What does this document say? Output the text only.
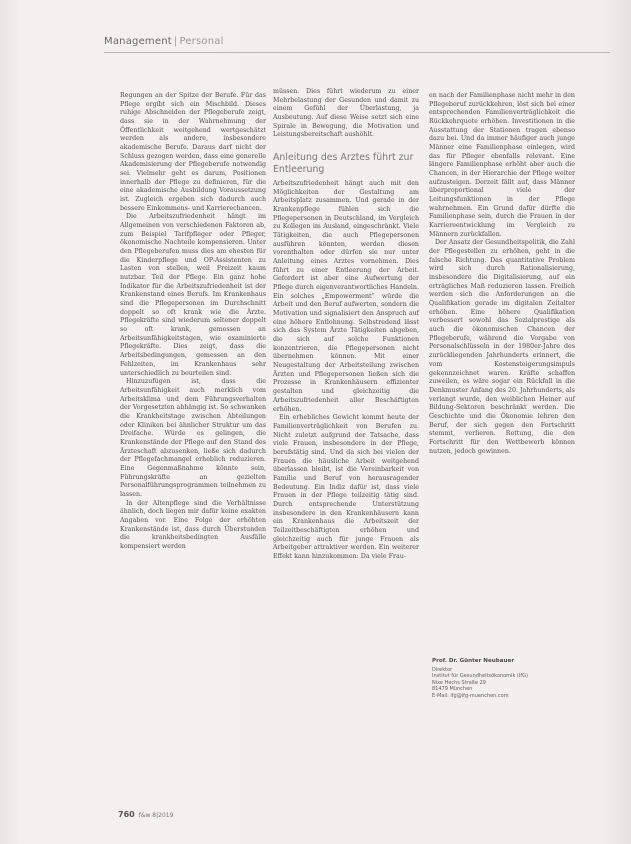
Management | Personal

Regungen an der Spitze der Berufe. Für das Pflege ergibt sich ein Mischbild. Dieses ruhige Abschneiden der Pflegeberufe zeigt, dass sie in der Wahrnehmung der Öffentlichkeit weitgehend wertgeschätzt werden als andere, insbesondere akademische Berufe. Daraus darf nicht der Schluss gezogen werden, dass eine generelle Akademisierung der Pflegeberufe notwendig sei. Vielmehr geht es darum, Positionen innerhalb der Pflege zu definieren, für die eine akademische Ausbildung Voraussetzung ist. Zugleich ergeben sich dadurch auch bessere Einkommens- und Karrierechancen.

Die Arbeitszufriedenheit hängt im Allgemeinen von verschiedenen Faktoren ab, zum Beispiel Tarifpfleger oder Pfleger, ökonomische Nachteile kompensieren. Unter den Pflegeberufen muss dies am ehesten für die Kinderpflege und OP-Assistenten zu Lasten von stellen, weil Freizeit kaum nutzbar. Teil der Pflege. Ein ganz hohe Indikator für die Arbeitszufriedenheit ist der Krankenstand eines Berufs. Im Krankenhaus sind die Pflegepersonen im Durchschnitt doppelt so oft krank wie die Ärzte. Pflegekräfte sind wiederum seltener doppelt so oft krank, gemessen an Arbeitsunfähigkeitstagen, wie examinierte Pflegekräfte. Dies zeigt, dass die Arbeitsbedingungen, gemessen an den Fehlzeiten, im Krankenhaus sehr unterschiedlich zu beurteilen sind.

Hinzuzufügen ist, dass die Arbeitsunfähigkeit auch merklich vom Arbeitsklima und dem Führungsverhalten der Vorgesetzten abhängig ist. So schwanken die Krankheitstage zwischen Abteilungen oder Kliniken bei ähnlicher Struktur um das Dreifache. Würde es gelingen, die Krankenstände der Pflege auf den Stand des Ärzteschaft abzusenken, ließe sich dadurch der Pflegefachmangel erheblich reduzieren. Eine Gegenmaßnahme könnte sein, Führungskräfte an gezielten Personalführungsprogrammen teilnehmen zu lassen.

In der Altenpflege sind die Verhältnisse ähnlich, doch liegen mir dafür keine exakten Angaben vor. Eine Folge der erhöhten Krankenstände ist, dass durch Überstunden die krankheitsbedingten Ausfälle kompensiert werden

müssen. Dies führt wiederum zu einer Mehrbelastung der Gesunden und damit zu einem Gefühl der Überlastung, ja Ausbeutung. Auf diese Weise setzt sich eine Spirale in Bewegung, die Motivation und Leistungsbereitschaft aushöhlt.

Anleitung des Arztes führt zur Entleerung

Arbeitszufriedenheit hängt auch mit den Möglichkeiten der Gestaltung am Arbeitsplatz zusammen. Und gerade in der Krankenpflege fühlen sich die Pflegepersonen in Deutschland, im Vergleich zu Kollegen im Ausland, eingeschränkt. Viele Tätigkeiten, die auch Pflegepersonen ausführen könnten, werden diesen vorenthalten oder dürfen sie nur unter Anleitung eines Arztes vornehmen. Dies führt zu einer Entleerung der Arbeit. Gefordert ist aber eine Aufwertung der Pflege durch eigenverantwortliches Handeln. Ein solches „Empowerment“ würde die Arbeit und den Beruf aufwerten, sondern die Motivation und signalisiert den Anspruch auf eine höhere Entlohnung. Selbstredend lässt sich das System Ärzte Tätigkeiten abgeben, die sich auf solche Funktionen konzentrieren, die Pflegepersonen nicht übernehmen können. Mit einer Neugestaltung der Arbeitsteilung zwischen Ärzten und Pflegepersonen ließen sich die Prozesse in Krankenhäusern effizienter gestalten und gleichzeitig die Arbeitszufriedenheit aller Beschäftigten erhöhen.

Ein erhebliches Gewicht kommt heute der Familienverträglichkeit von Berufen zu. Nicht zuletzt aufgrund der Tatsache, dass viele Frauen, insbesondere in der Pflege, berufstätig sind. Und da sich bei vielen der Frauen die häusliche Arbeit weitgehend überlassen bleibt, ist die Vereinbarkeit von Familie und Beruf von herausragender Bedeutung. Ein Indiz dafür ist, dass viele Frauen in der Pflege teilzeitig tätig sind. Durch entsprechende Unterstützung insbesondere in den Krankenhäusern kann ein Krankenhaus die Arbeitszeit der Teilzeitbeschäftigten erhöhen und gleichzeitig auch für junge Frauen als Arbeitgeber attraktiver werden. Ein weiterer Effekt kann hinzukommen: Da viele Frau-

en nach der Familienphase nicht mehr in den Pflegeberuf zurückkehren, löst sich bei einer entsprechenden Familienverträglichkeit die Rückkehrquote erhöhen. Investitionen in die Ausstattung der Stationen tragen ebenso dazu bei. Und da immer häufiger auch junge Männer eine Familienphase einlegen, wird das für Pfleger ebenfalls relevant. Eine längere Familienphase erhöht aber auch die Chancen, in der Hierarchie der Pflege weiter aufzusteigen. Derzeit fällt auf, dass Männer überproportional viele der Leitungsfunktionen in der Pflege wahrnehmen. Ein Grund dafür dürfte die Familienphase sein, durch die Frauen in der Karriereentwicklung im Vergleich zu Männern zurückfallen.

Der Ansatz der Gesundheitspolitik, die Zahl der Pflegestellen zu erhöhen, geht in die falsche Richtung. Das quantitative Problem wird sich durch Rationalisierung, insbesondere die Digitalisierung, auf ein erträgliches Maß reduzieren lassen. Freilich werden sich die Anforderungen an die Qualifikation gerade im digitalen Zeitalter erhöhen. Eine höhere Qualifikation verbessert sowohl das Sozialprestige als auch die ökonomischen Chancen der Pflegeberufe, während die Vorgabe von Personalschlüsseln in der 1980er-Jahre des zurückliegenden Jahrhunderts erinnert, die vom Kostensteigerungsimpuls gekennzeichnet waren. Kräfte schaffen zuweilen, es wäre sogar ein Rückfall in die Denkmuster Anfang des 20. Jahrhunderts, als verlangt wurde, den weiblichen Heiner auf Bildung-Sektoren beschränkt werden. Die Geschichte und die Ökonomie lehren den Beruf, der sich gegen den Fortschritt stemmt, verlieren. Rettung, die den Fortschritt für den Wettbewerb können nutzen, jedoch gewinnen.

Prof. Dr. Günter Neubauer
Direktor
Institut für Gesundheitsökonomik (IfG)
Nixe Hechs Straße 29
81479 München
E-Mail: ifg@ifg-muenchen.com
760 f&w 8|2019
